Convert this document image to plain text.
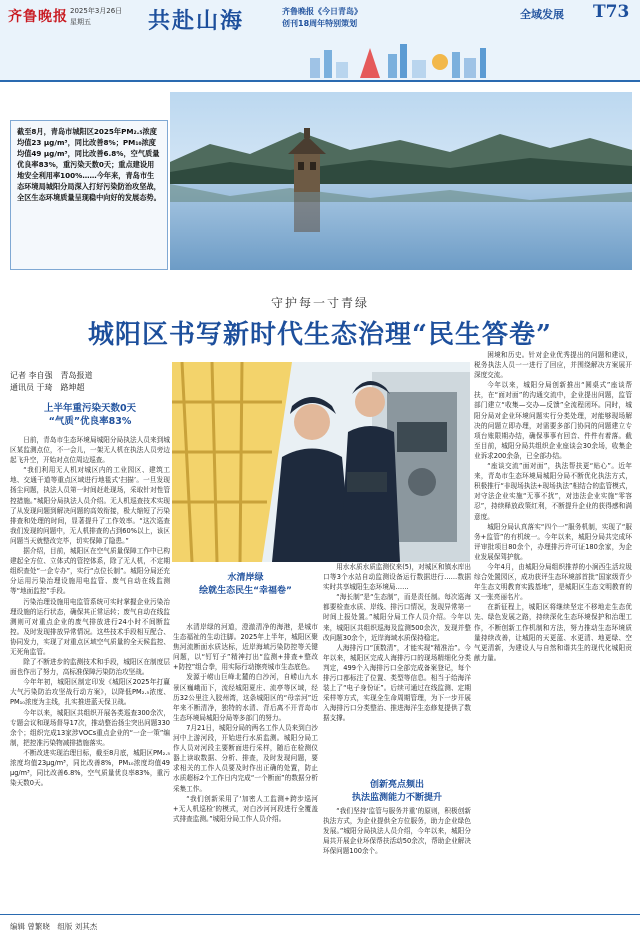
齐鲁晚报 2025年3月26日
星期五	共赴山海	齐鲁晚报《今日青岛》
创刊18周年特别策划
全域发展 T73

截至8月，青岛市城阳区2025年PM₂.₅浓度均值23 μg/m³，同比改善8%；PM₁₀浓度均值49 μg/m³，同比改善6.8%，空气质量优良率83%，重污染天数0天；重点建设用地安全利用率100%……今年来，青岛市生态环境局城阳分局深入打好污染防治攻坚战，全区生态环境质量呈现稳中向好的发展态势。

守护每一寸青绿
城阳区书写新时代生态治理“民生答卷”
记者 李自强　青岛报道
通讯员 于琦　路坤超
上半年重污染天数0天
“气质”优良率83%

日前，青岛市生态环境局城阳分局执法人员来到城区某监测点位，不一会儿，一架无人机在执法人员旁边起飞升空，开始对点位周边巡查。

“我们利用无人机对城区内的工业园区、建筑工地、交通干道等重点区域进行地毯式‘扫描’。一旦发现扬尘问题，执法人员第一时间赶赴现场，采取针对性管控措施。”城阳分局执法人员介绍。无人机巡查技术实现了从发现问题到解决问题的高效衔接，极大缩短了污染排查和处理的时间，显著提升了工作效率。“这次巡查我们发现的问题中，无人机排查的占到60%以上，该区问题当天就整改完毕，切实保障了隐患。”

据介绍，目前，城阳区在空气质量保障工作中已构建起全方位、立体式的管控体系，除了无人机，不定期组织查处“一企专办”，实行“点位长制”。城阳分局还充分运用污染治理设施用电监管、废气自动在线监测等“地面监控”手段。

污染治理设施用电监管系统可实时掌握企业污染治理设施的运行状态，确保其正常运转；废气自动在线监测则可对重点企业的废气排放进行24小时不间断监控。及时发现排放异常情况。这些技术手段相互配合、协同发力，实现了对重点区域空气质量的全天候监控、无死角监管。

除了不断进步的监测技术和手段，城阳区在制度层面也作出了努力，高标准保障污染防治攻坚战。

今年年初，城阳区制定印发《城阳区2025年打赢大气污染防治攻坚战行动方案》，以降低PM₂.₅浓度、PM₁₀浓度为主线，扎实推进蓝天保卫战。

今年以来，城阳区共组织开展各类巡查300余次，专题会议和现场督导17次，推动整治扬尘突出问题330余个；组织完成13家涉VOCs重点企业的“一企一策”编制，把控准污染物减排措施落实。

不断改进实现治理目标，截至8月底，城阳区PM₂.₅浓度均值23μg/m³，同比改善8%，PM₁₀浓度均值49 μg/m³，同比改善6.8%，空气质量优良率83%，重污染天数0天。

水清岸绿
绘就生态民生“幸福卷”

水清岸绿的河道，澄澈清净的海港，是城市生态福祉的生动注脚。2025年上半年，城阳区聚焦河流断面水质达标，近岸海域污染防控等关键问题，以“钉钉子”精神打出“监测+排查+整改+防控”组合拳，用实际行动擦亮城市生态底色。

发源于崂山巨峰北麓的白沙河，自崂山九水景区巍峨而下，流经城阳夏庄、流亭等区域，经历32公里注入胶州湾，这条城阳区的“母亲河”近年来不断清净，独特的水清、背后离不开青岛市生态环境局城阳分局等多部门的努力。

7月21日，城阳分局的两名工作人员来到白沙河中上游河段，开始进行水质监测。城阳分局工作人员对河段主要断面进行采样，随后在检测仪器上读取数据、分析、排查，及时发现问题，要求相关的工作人员要及时作出正确的处置，防止水质超标2个工作日内完成“一个断面”的数据分析采集工作。

“我们创新采用了‘加密人工监测+跨步巡河+无人机巡检’的模式，对白沙河河段进行全覆盖式排查监测。”城阳分局工作人员介绍。

用水水质水质监测仪来(5)，对城区和镇水库出口等3个水站自动监测设备运行数据进行……数据实时共享城阳生态环境局……

“海长制”是“生态制”，而是责任制。每次巡海都要检查水质、岸线、排污口情况，发现异常第一时间上报处置。”城阳分局工作人员介绍。今年以来，城阳区共组织巡海及监测500余次，发现并整改问题30余个，近岸海域水质保持稳定。

人海排污口“顶数清”，才能实现“精准治”。今年以来，城阳区完成人海排污口的现场精细化分类判定，499个入海排污口全部完成备案登记，每个排污口都标注了位置、类型等信息。相当于给海洋装上了“电子身份证”。后续可通过在线监测、定期采样等方式，实现全生命周期管理，为下一步开展入海排污口分类整治、推进海洋生态修复提供了数据支撑。

创新亮点频出
执法监测能力不断提升

“我们坚持‘监管与服务并重’的原则，积极创新执法方式，为企业提供全方位服务，助力企业绿色发展。”城阳分局执法人员介绍，今年以来，城阳分局共开展企业环保帮扶活动50余次，帮助企业解决环保问题100余个。

困境和历史。针对企业优秀提出的问题和建议，税务执法人员一一进行了回应，并围绕解决方案展开深度交流。

今年以来，城阳分局创新推出“圆桌式”座谈帮扶，在“面对面”的沟通交流中，企业提出问题，监管部门建立“收集—交办—反馈”全流程闭环。同时，城阳分局对企业环境问题实行分类处理，对能够现场解决的问题立即办理，对需要多部门协同的问题建立专项台账限期办结，确保事事有回音、件件有着落。截至目前，城阳分局共组织企业座谈会30余场，收集企业诉求200余条，已全部办结。

“座谈交流”面对面”，执法帮扶更“贴心”。近年来，青岛市生态环境局城阳分局不断优化执法方式，积极推行“非现场执法+现场执法”相结合的监管模式，对守法企业实施“无事不扰”，对违法企业实施“零容忍”，持续释放政策红利，不断提升企业的获得感和满意度。

城阳分局认真落实“四个一”服务机制，实现了“服务+监管”的有机统一。今年以来，城阳分局共完成环评审批项目80余个，办理排污许可证180余家，为企业发展保驾护航。

今年4月，由城阳分局组织推荐的小涧西生活垃圾综合处置园区，成功获评生态环境部首批“国家级青少年生态文明教育实践基地”，是城阳区生态文明教育的又一张亮丽名片。

在新征程上，城阳区将继续坚定不移地走生态优先、绿色发展之路，持续深化生态环境保护和治理工作，不断创新工作机制和方法，努力推动生态环境质量持续改善，让城阳的天更蓝、水更清、地更绿、空气更清新，为建设人与自然和谐共生的现代化城阳贡献力量。

编辑 曾繁晓　组版 刘其杰
